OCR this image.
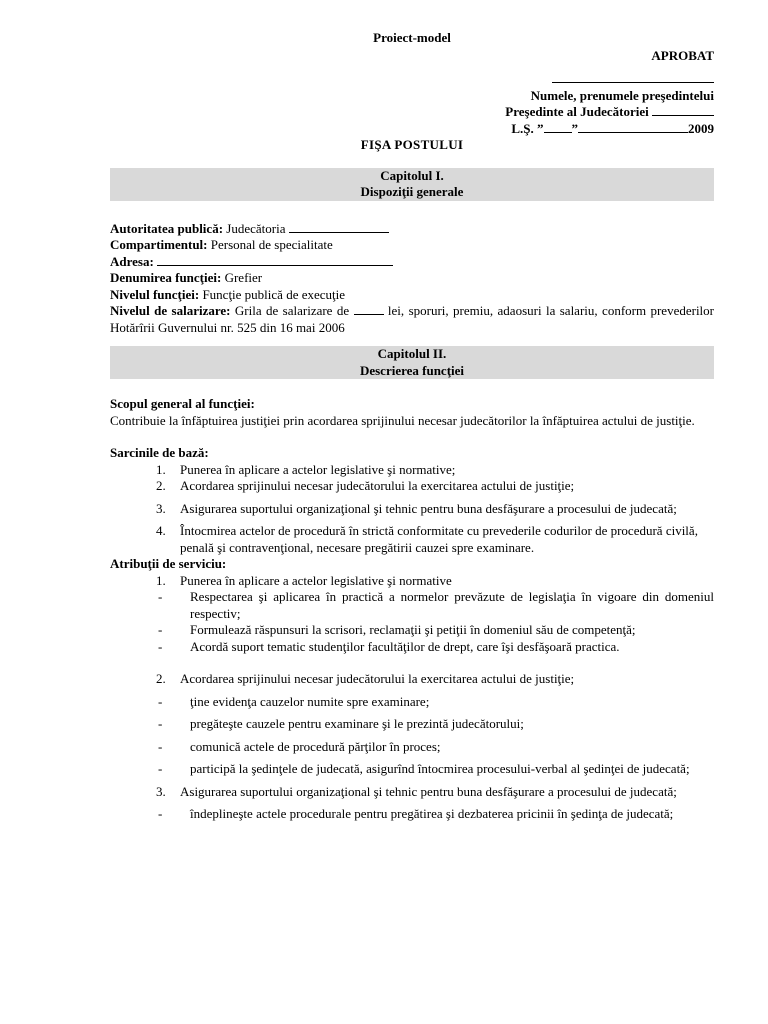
Proiect-model
APROBAT
Numele, prenumele preşedintelui
Preşedinte al Judecătoriei
L.Ş. ” ”	2009
FIŞA POSTULUI
Capitolul I.
Dispoziţii generale
Autoritatea publică: Judecătoria
Compartimentul: Personal de specialitate
Adresa:
Denumirea funcţiei: Grefier
Nivelul funcţiei: Funcţie publică de execuţie
Nivelul de salarizare: Grila de salarizare de  lei, sporuri, premiu, adaosuri la salariu, conform prevederilor Hotărîrii Guvernului nr. 525 din 16 mai 2006
Capitolul II.
Descrierea funcţiei
Scopul general al funcţiei:
Contribuie la înfăptuirea justiţiei prin acordarea sprijinului necesar judecătorilor la înfăptuirea actului de justiţie.
Sarcinile de bază:
1. Punerea în aplicare a actelor legislative şi normative;
2. Acordarea sprijinului necesar judecătorului la exercitarea actului de justiţie;
3. Asigurarea suportului organizaţional şi tehnic pentru buna desfăşurare a procesului de judecată;
4. Întocmirea actelor de procedură în strictă conformitate cu prevederile codurilor de procedură civilă, penală şi contravenţional, necesare pregătirii cauzei spre examinare.
Atribuţii de serviciu:
1. Punerea în aplicare a actelor legislative şi normative
- Respectarea şi aplicarea în practică a normelor prevăzute de legislaţia în vigoare din domeniul respectiv;
- Formulează răspunsuri la scrisori, reclamaţii şi petiţii în domeniul său de competenţă;
- Acordă suport tematic studenţilor facultăţilor de drept, care îşi desfăşoară practica.
2. Acordarea sprijinului necesar judecătorului la exercitarea actului de justiţie;
- ţine evidenţa cauzelor numite spre examinare;
- pregăteşte cauzele pentru examinare şi le prezintă judecătorului;
- comunică actele de procedură părţilor în proces;
- participă la şedinţele de judecată, asigurînd întocmirea procesului-verbal al şedinţei de judecată;
3. Asigurarea suportului organizaţional şi tehnic pentru buna desfăşurare a procesului de judecată;
- îndeplineşte actele procedurale pentru pregătirea şi dezbaterea pricinii în şedinţa de judecată;
